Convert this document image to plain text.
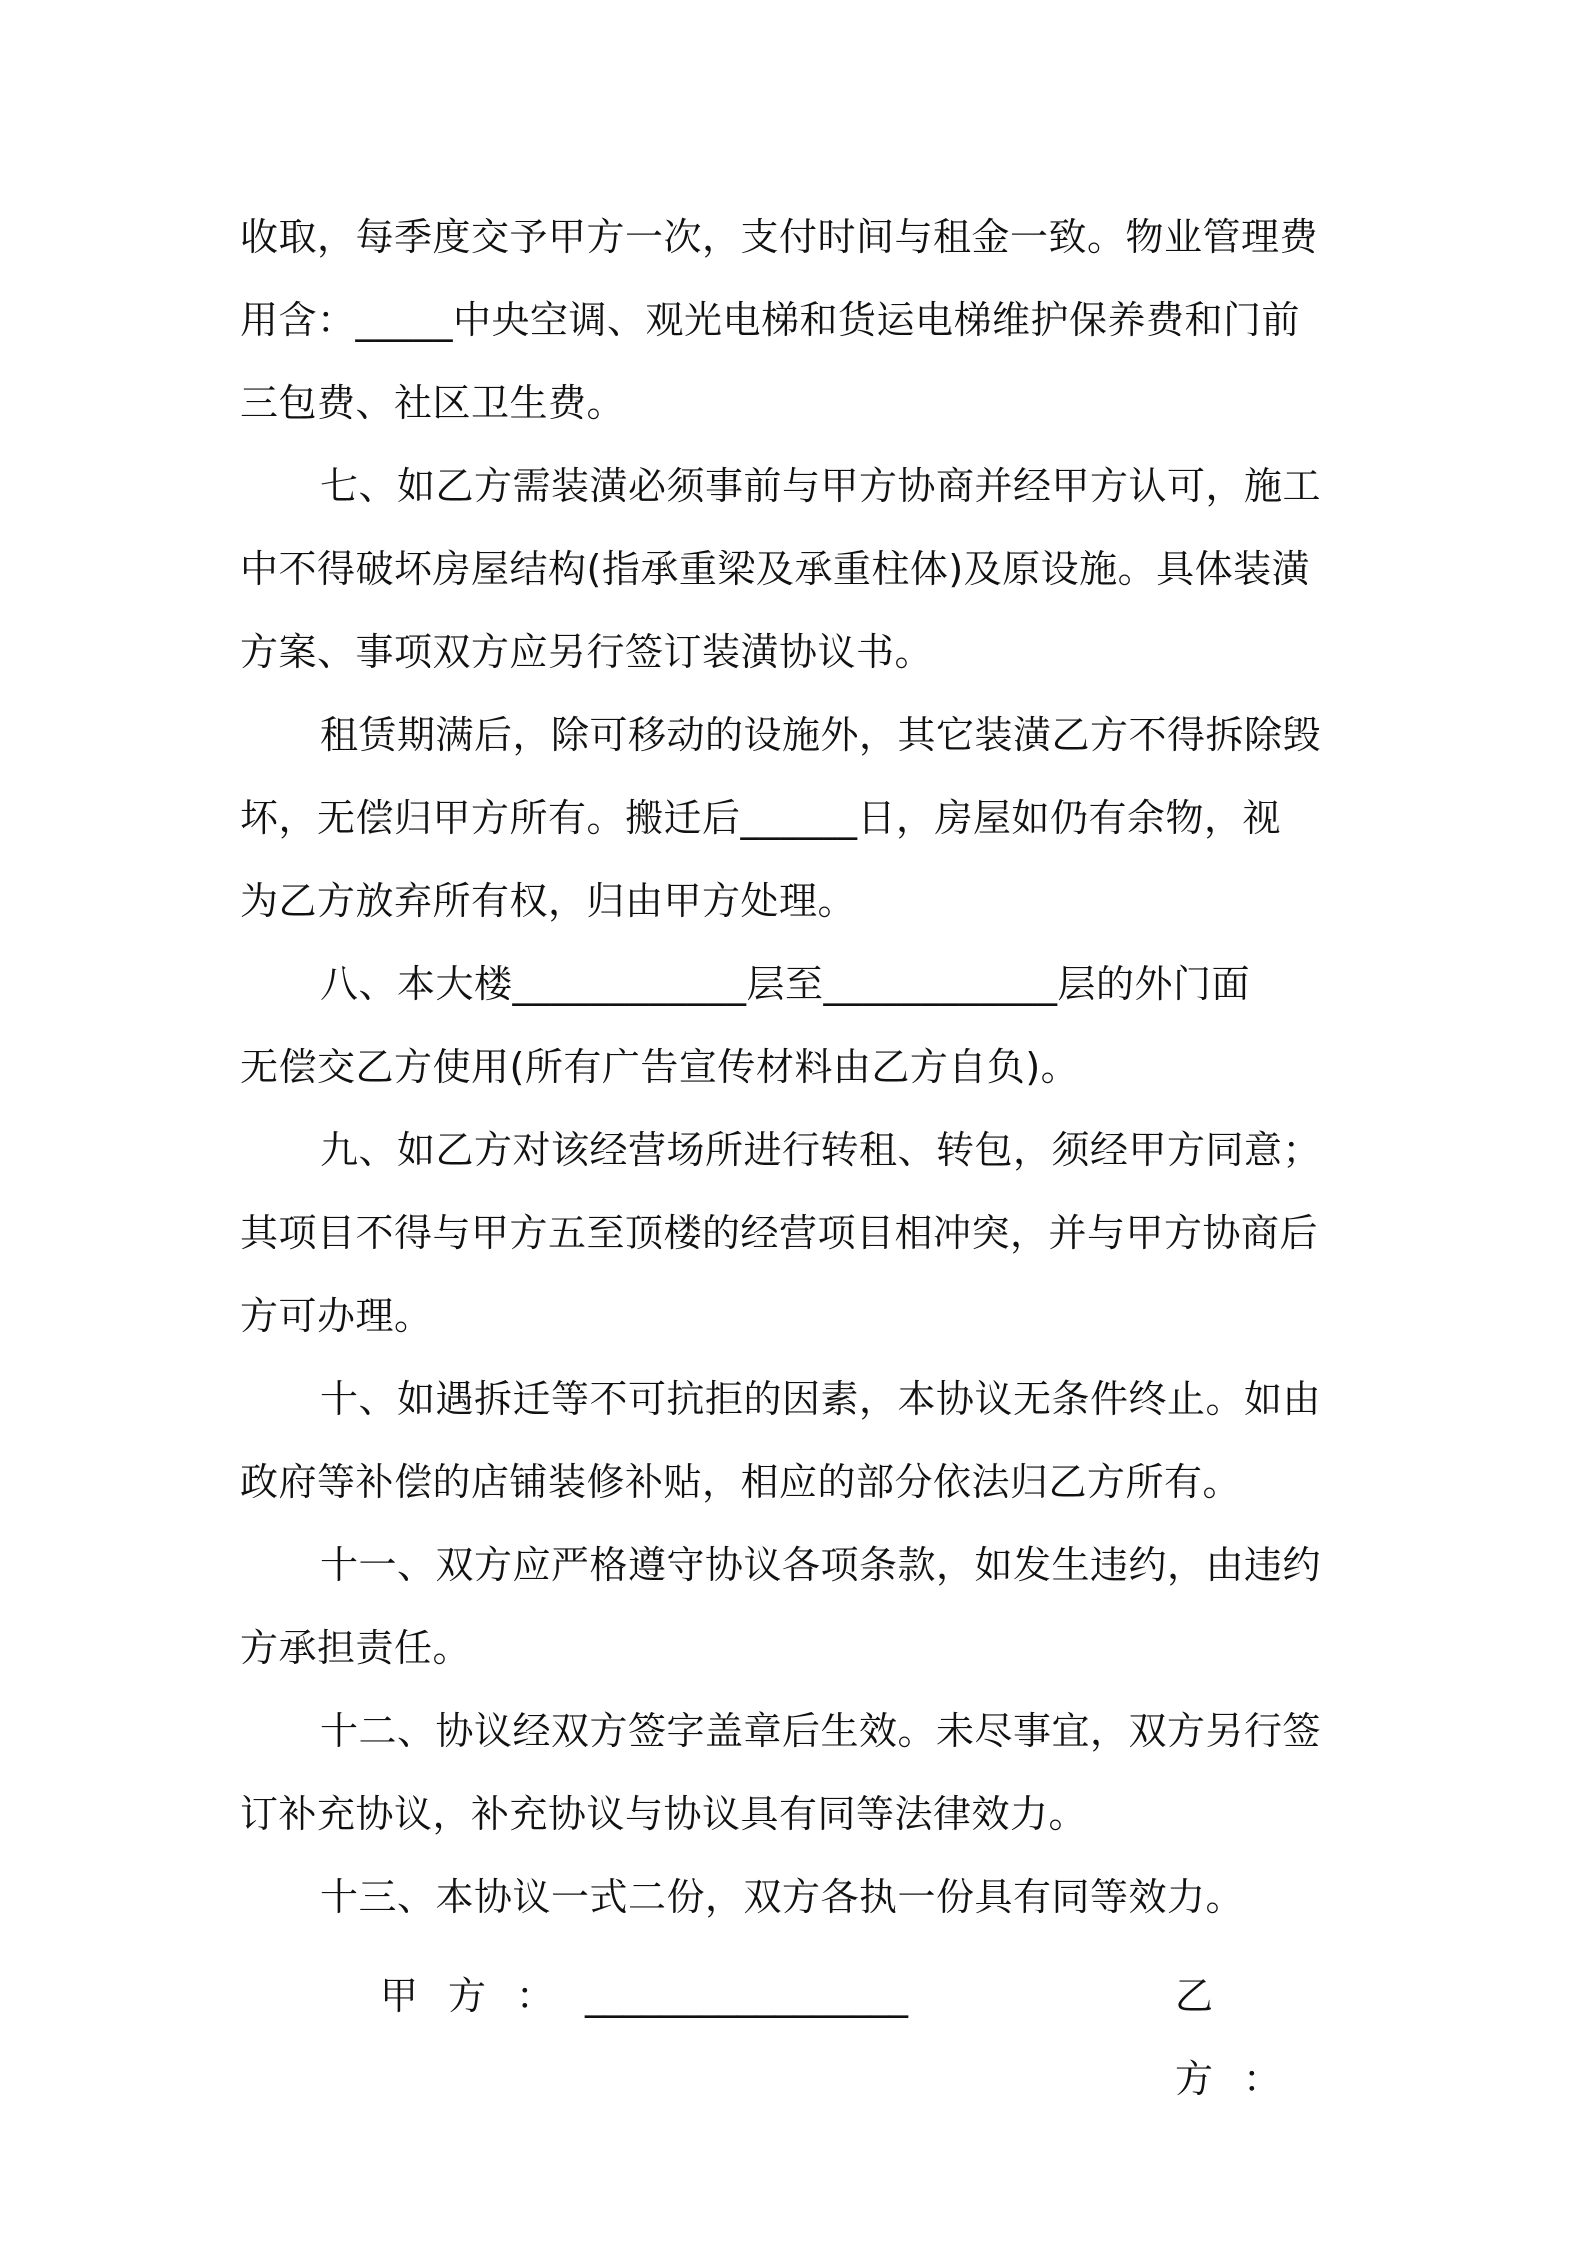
收取，每季度交予甲方一次，支付时间与租金一致。物业管理费
用含：_____中央空调、观光电梯和货运电梯维护保养费和门前
三包费、社区卫生费。

七、如乙方需装潢必须事前与甲方协商并经甲方认可，施工
中不得破坏房屋结构(指承重梁及承重柱体)及原设施。具体装潢
方案、事项双方应另行签订装潢协议书。

租赁期满后，除可移动的设施外，其它装潢乙方不得拆除毁
坏，无偿归甲方所有。搬迁后______日，房屋如仍有余物，视
为乙方放弃所有权，归由甲方处理。

八、本大楼____________层至____________层的外门面
无偿交乙方使用(所有广告宣传材料由乙方自负)。

九、如乙方对该经营场所进行转租、转包，须经甲方同意；
其项目不得与甲方五至顶楼的经营项目相冲突，并与甲方协商后
方可办理。

十、如遇拆迁等不可抗拒的因素，本协议无条件终止。如由
政府等补偿的店铺装修补贴，相应的部分依法归乙方所有。

十一、双方应严格遵守协议各项条款，如发生违约，由违约
方承担责任。

十二、协议经双方签字盖章后生效。未尽事宜，双方另行签
订补充协议，补充协议与协议具有同等法律效力。

十三、本协议一式二份，双方各执一份具有同等效力。

甲方： _________________	乙方：
